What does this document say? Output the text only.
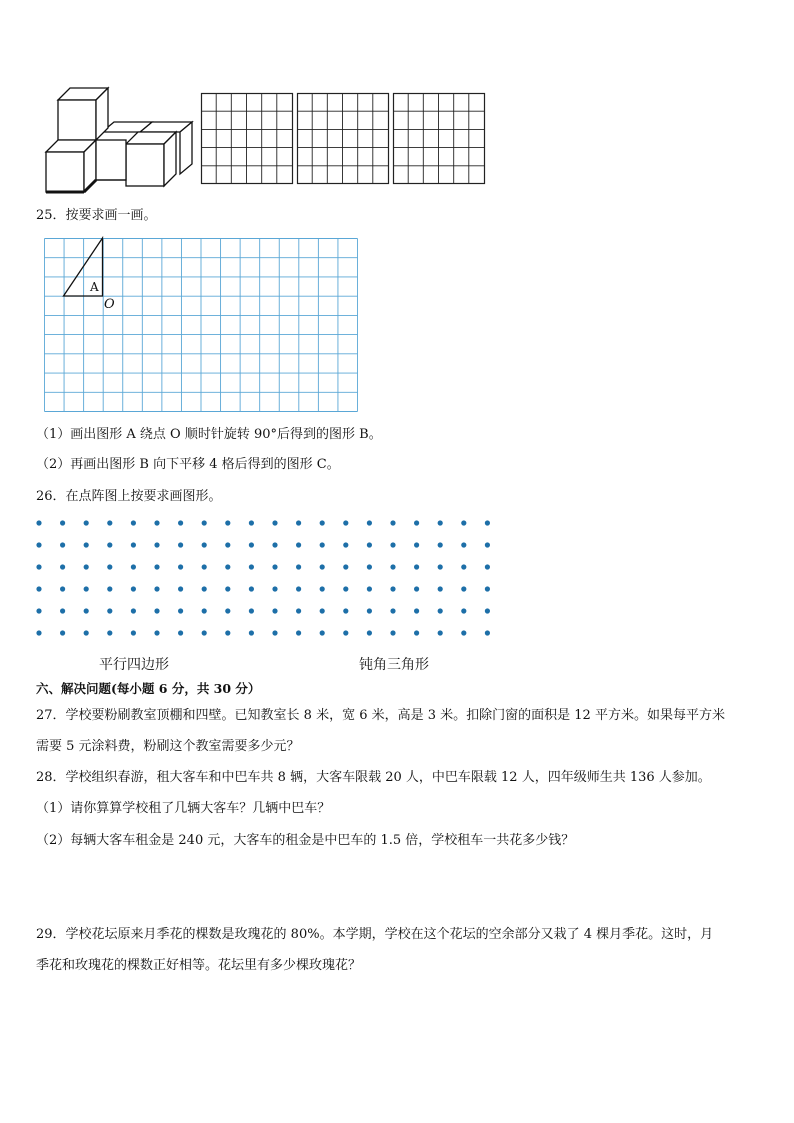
25．按要求画一画。
A
O
（1）画出图形 A 绕点 O 顺时针旋转 90°后得到的图形 B。
（2）再画出图形 B 向下平移 4 格后得到的图形 C。
26．在点阵图上按要求画图形。
平行四边形	钝角三角形
六、解决问题(每小题 6 分，共 30 分）
27．学校要粉刷教室顶棚和四壁。已知教室长 8 米，宽 6 米，高是 3 米。扣除门窗的面积是 12 平方米。如果每平方米
需要 5 元涂料费，粉刷这个教室需要多少元？
28．学校组织春游，租大客车和中巴车共 8 辆，大客车限载 20 人，中巴车限载 12 人，四年级师生共 136 人参加。
（1）请你算算学校租了几辆大客车？几辆中巴车？
（2）每辆大客车租金是 240 元，大客车的租金是中巴车的 1.5 倍，学校租车一共花多少钱？
29．学校花坛原来月季花的棵数是玫瑰花的 80%。本学期，学校在这个花坛的空余部分又栽了 4 棵月季花。这时，月
季花和玫瑰花的棵数正好相等。花坛里有多少棵玫瑰花？
